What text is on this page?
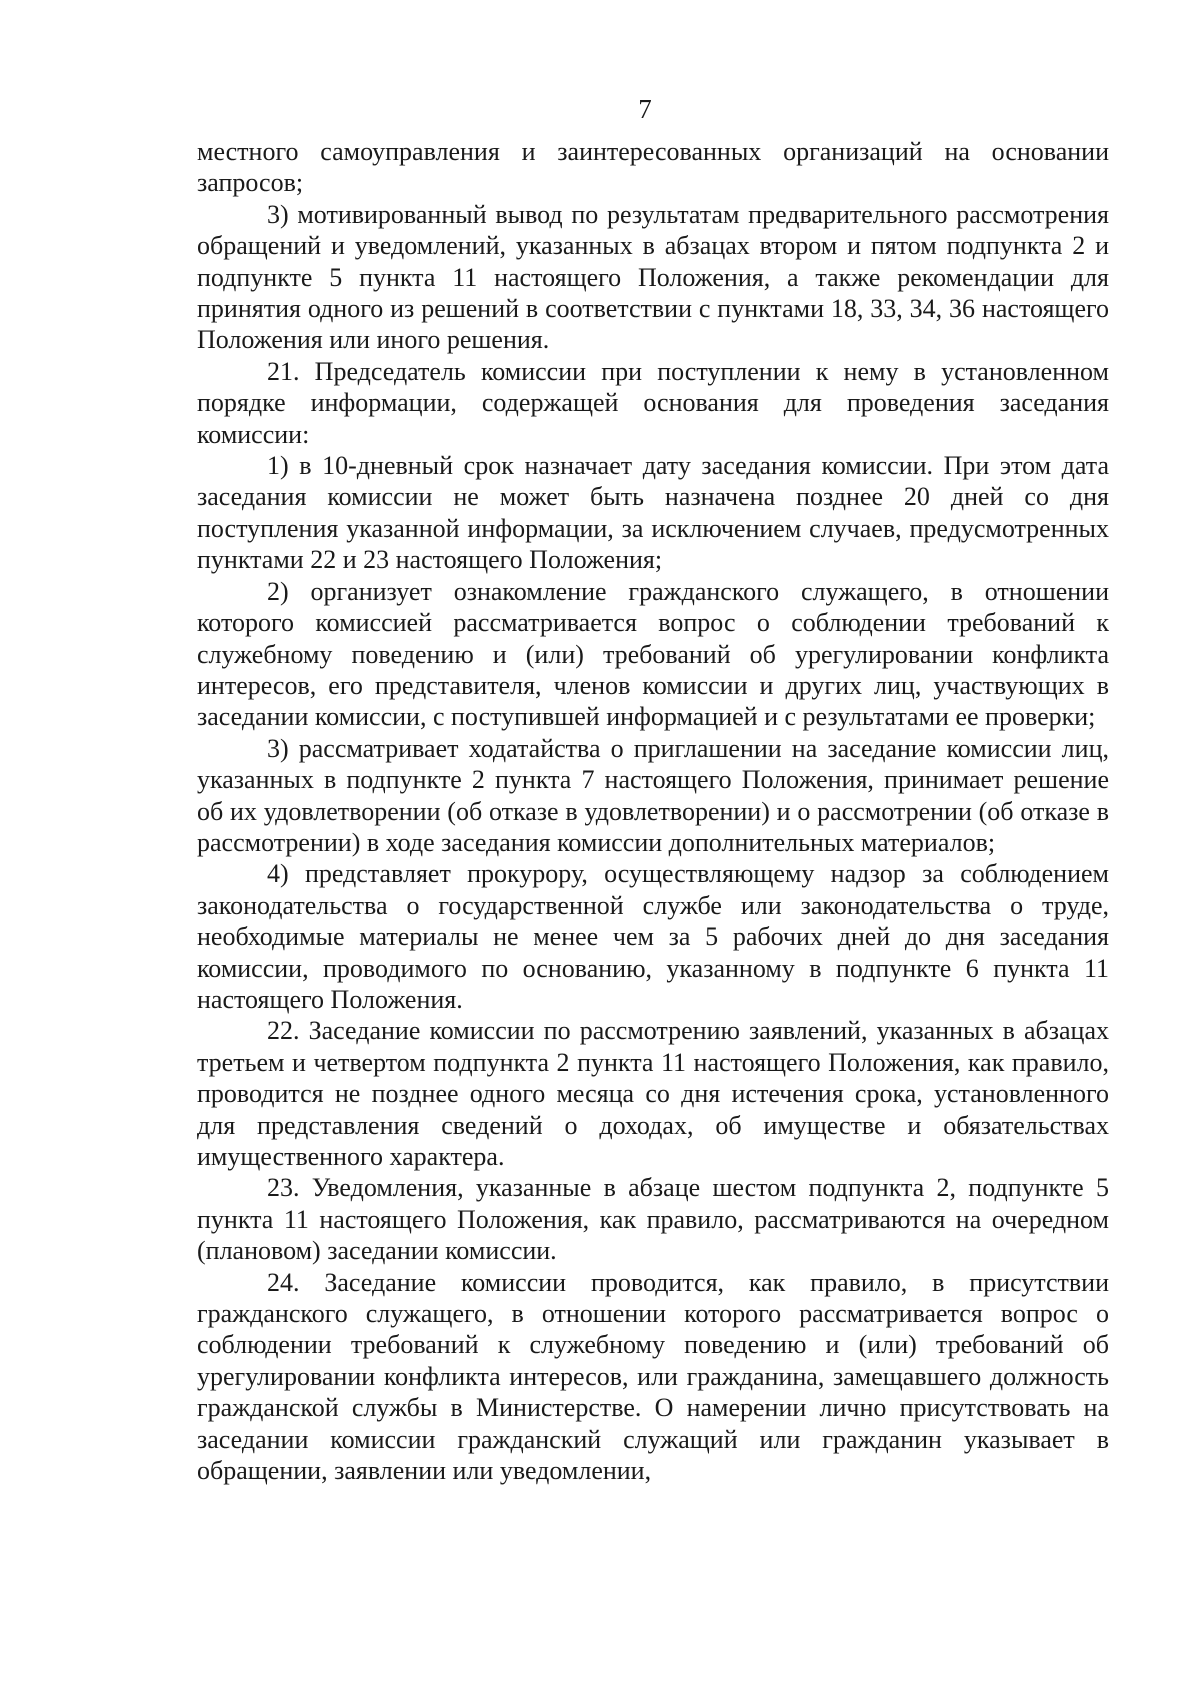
7

местного самоуправления и заинтересованных организаций на основании запросов;

3) мотивированный вывод по результатам предварительного рассмотрения обращений и уведомлений, указанных в абзацах втором и пятом подпункта 2 и подпункте 5 пункта 11 настоящего Положения, а также рекомендации для принятия одного из решений в соответствии с пунктами 18, 33, 34, 36 настоящего Положения или иного решения.

21. Председатель комиссии при поступлении к нему в установленном порядке информации, содержащей основания для проведения заседания комиссии:

1) в 10-дневный срок назначает дату заседания комиссии. При этом дата заседания комиссии не может быть назначена позднее 20 дней со дня поступления указанной информации, за исключением случаев, предусмотренных пунктами 22 и 23 настоящего Положения;

2) организует ознакомление гражданского служащего, в отношении которого комиссией рассматривается вопрос о соблюдении требований к служебному поведению и (или) требований об урегулировании конфликта интересов, его представителя, членов комиссии и других лиц, участвующих в заседании комиссии, с поступившей информацией и с результатами ее проверки;

3) рассматривает ходатайства о приглашении на заседание комиссии лиц, указанных в подпункте 2 пункта 7 настоящего Положения, принимает решение об их удовлетворении (об отказе в удовлетворении) и о рассмотрении (об отказе в рассмотрении) в ходе заседания комиссии дополнительных материалов;

4) представляет прокурору, осуществляющему надзор за соблюдением законодательства о государственной службе или законодательства о труде, необходимые материалы не менее чем за 5 рабочих дней до дня заседания комиссии, проводимого по основанию, указанному в подпункте 6 пункта 11 настоящего Положения.

22. Заседание комиссии по рассмотрению заявлений, указанных в абзацах третьем и четвертом подпункта 2 пункта 11 настоящего Положения, как правило, проводится не позднее одного месяца со дня истечения срока, установленного для представления сведений о доходах, об имуществе и обязательствах имущественного характера.

23. Уведомления, указанные в абзаце шестом подпункта 2, подпункте 5 пункта 11 настоящего Положения, как правило, рассматриваются на очередном (плановом) заседании комиссии.

24. Заседание комиссии проводится, как правило, в присутствии гражданского служащего, в отношении которого рассматривается вопрос о соблюдении требований к служебному поведению и (или) требований об урегулировании конфликта интересов, или гражданина, замещавшего должность гражданской службы в Министерстве. О намерении лично присутствовать на заседании комиссии гражданский служащий или гражданин указывает в обращении, заявлении или уведомлении,
